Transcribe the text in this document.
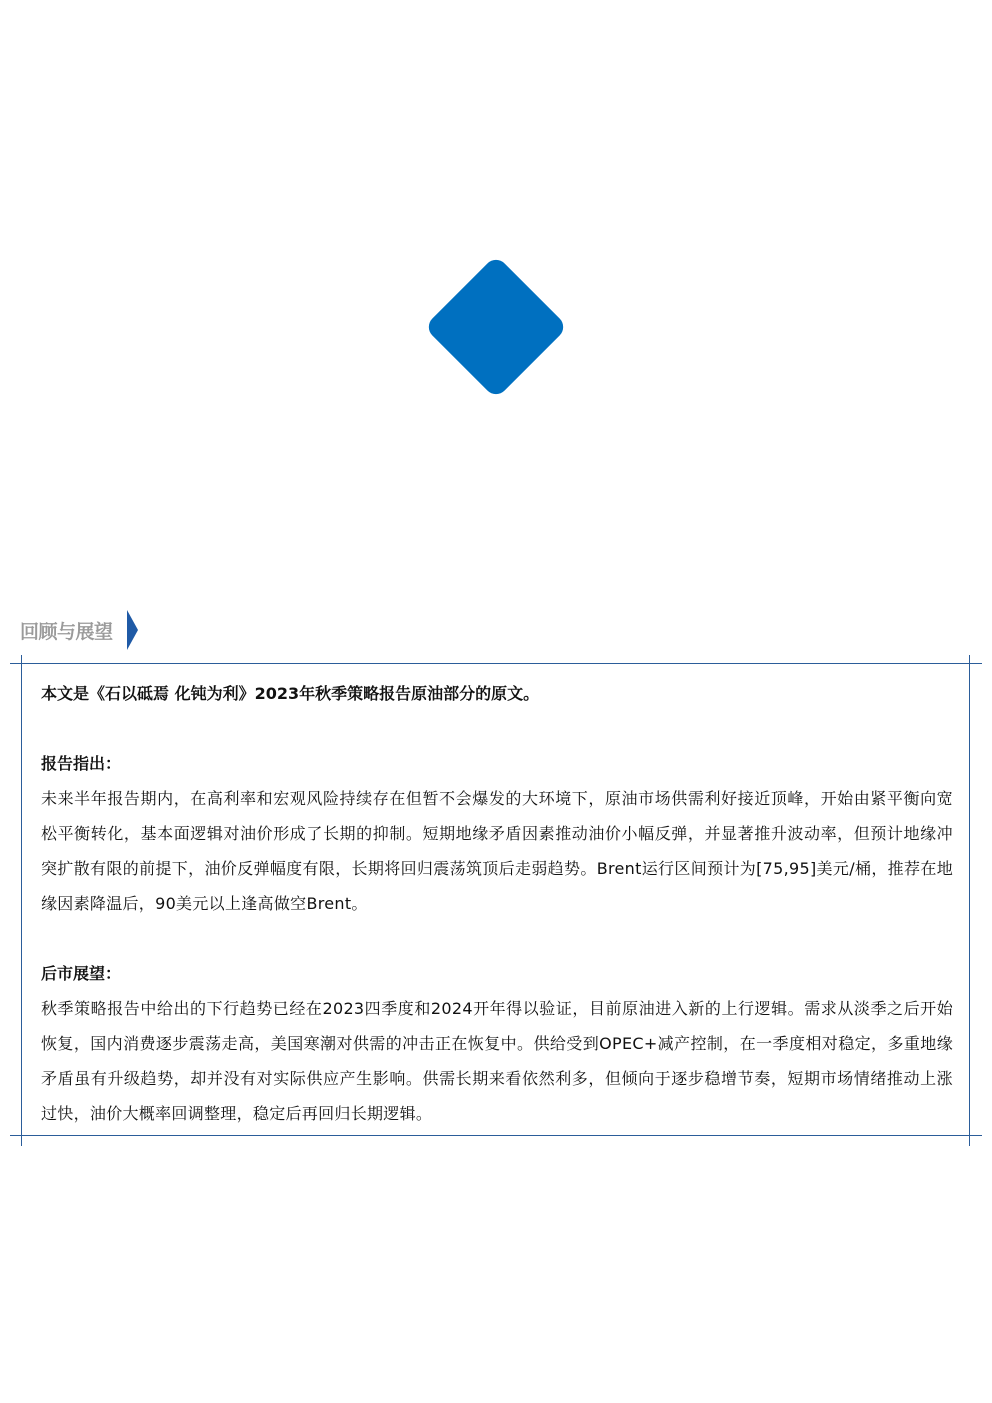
回顾与展望

本文是《石以砥焉 化钝为利》2023年秋季策略报告原油部分的原文。

报告指出：

未来半年报告期内，在高利率和宏观风险持续存在但暂不会爆发的大环境下，原油市场供需利好接近顶峰，开始由紧平衡向宽松平衡转化，基本面逻辑对油价形成了长期的抑制。短期地缘矛盾因素推动油价小幅反弹，并显著推升波动率，但预计地缘冲突扩散有限的前提下，油价反弹幅度有限，长期将回归震荡筑顶后走弱趋势。Brent运行区间预计为[75,95]美元/桶，推荐在地缘因素降温后，90美元以上逢高做空Brent。

后市展望：

秋季策略报告中给出的下行趋势已经在2023四季度和2024开年得以验证，目前原油进入新的上行逻辑。需求从淡季之后开始恢复，国内消费逐步震荡走高，美国寒潮对供需的冲击正在恢复中。供给受到OPEC+减产控制，在一季度相对稳定，多重地缘矛盾虽有升级趋势，却并没有对实际供应产生影响。供需长期来看依然利多，但倾向于逐步稳增节奏，短期市场情绪推动上涨过快，油价大概率回调整理，稳定后再回归长期逻辑。
